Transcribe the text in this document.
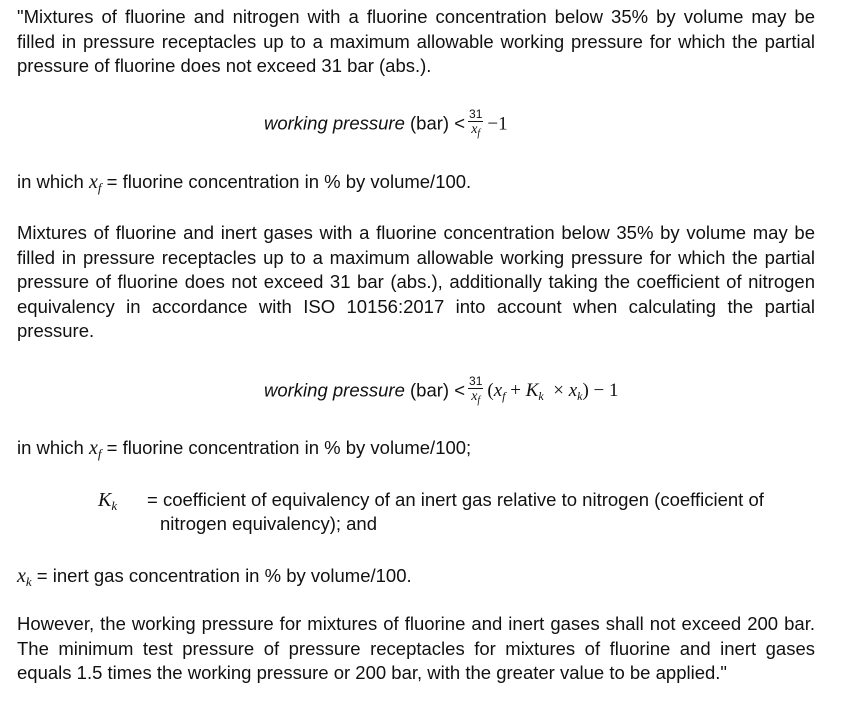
"Mixtures of fluorine and nitrogen with a fluorine concentration below 35% by volume may be filled in pressure receptacles up to a maximum allowable working pressure for which the partial pressure of fluorine does not exceed 31 bar (abs.).

working pressure $(bar) < \frac{31}{x_f} -1$
in which $x_f$ = fluorine concentration in % by volume/100.

Mixtures of fluorine and inert gases with a fluorine concentration below 35% by volume may be filled in pressure receptacles up to a maximum allowable working pressure for which the partial pressure of fluorine does not exceed 31 bar (abs.), additionally taking the coefficient of nitrogen equivalency in accordance with ISO 10156:2017 into account when calculating the partial pressure.

working pressure $(bar) < \frac{31}{x_f} (x_f + K_k \times x_k) - 1$
in which $x_f$ = fluorine concentration in % by volume/100;
$K_k$ = coefficient of equivalency of an inert gas relative to nitrogen (coefficient of nitrogen equivalency); and

$x_k$ = inert gas concentration in % by volume/100.

However, the working pressure for mixtures of fluorine and inert gases shall not exceed 200 bar. The minimum test pressure of pressure receptacles for mixtures of fluorine and inert gases equals 1.5 times the working pressure or 200 bar, with the greater value to be applied."
